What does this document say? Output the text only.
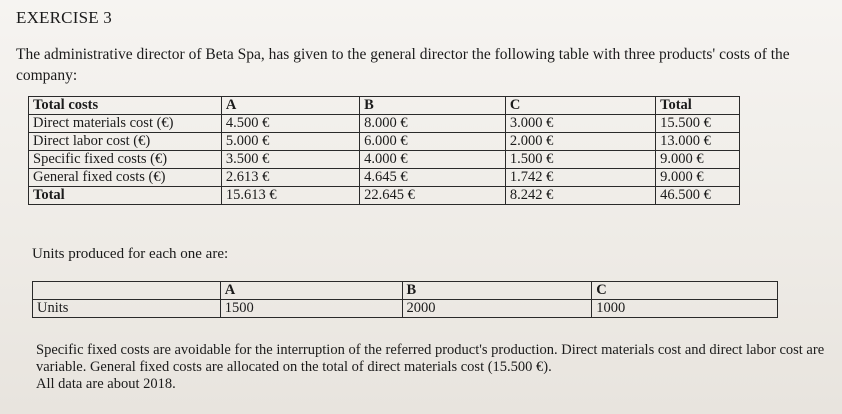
EXERCISE 3
The administrative director of Beta Spa, has given to the general director the following table with three products' costs of the company:
Total costs	A	B	C	Total
Direct materials cost (€)	4.500 €	8.000 €	3.000 €	15.500 €
Direct labor cost (€)	5.000 €	6.000 €	2.000 €	13.000 €
Specific fixed costs (€)	3.500 €	4.000 €	1.500 €	9.000 €
General fixed costs (€)	2.613 €	4.645 €	1.742 €	9.000 €
Total	15.613 €	22.645 €	8.242 €	46.500 €
Units produced for each one are:
	A	B	C
Units	1500	2000	1000

Specific fixed costs are avoidable for the interruption of the referred product's production. Direct materials cost and direct labor cost are variable. General fixed costs are allocated on the total of direct materials cost (15.500 €).

All data are about 2018.
